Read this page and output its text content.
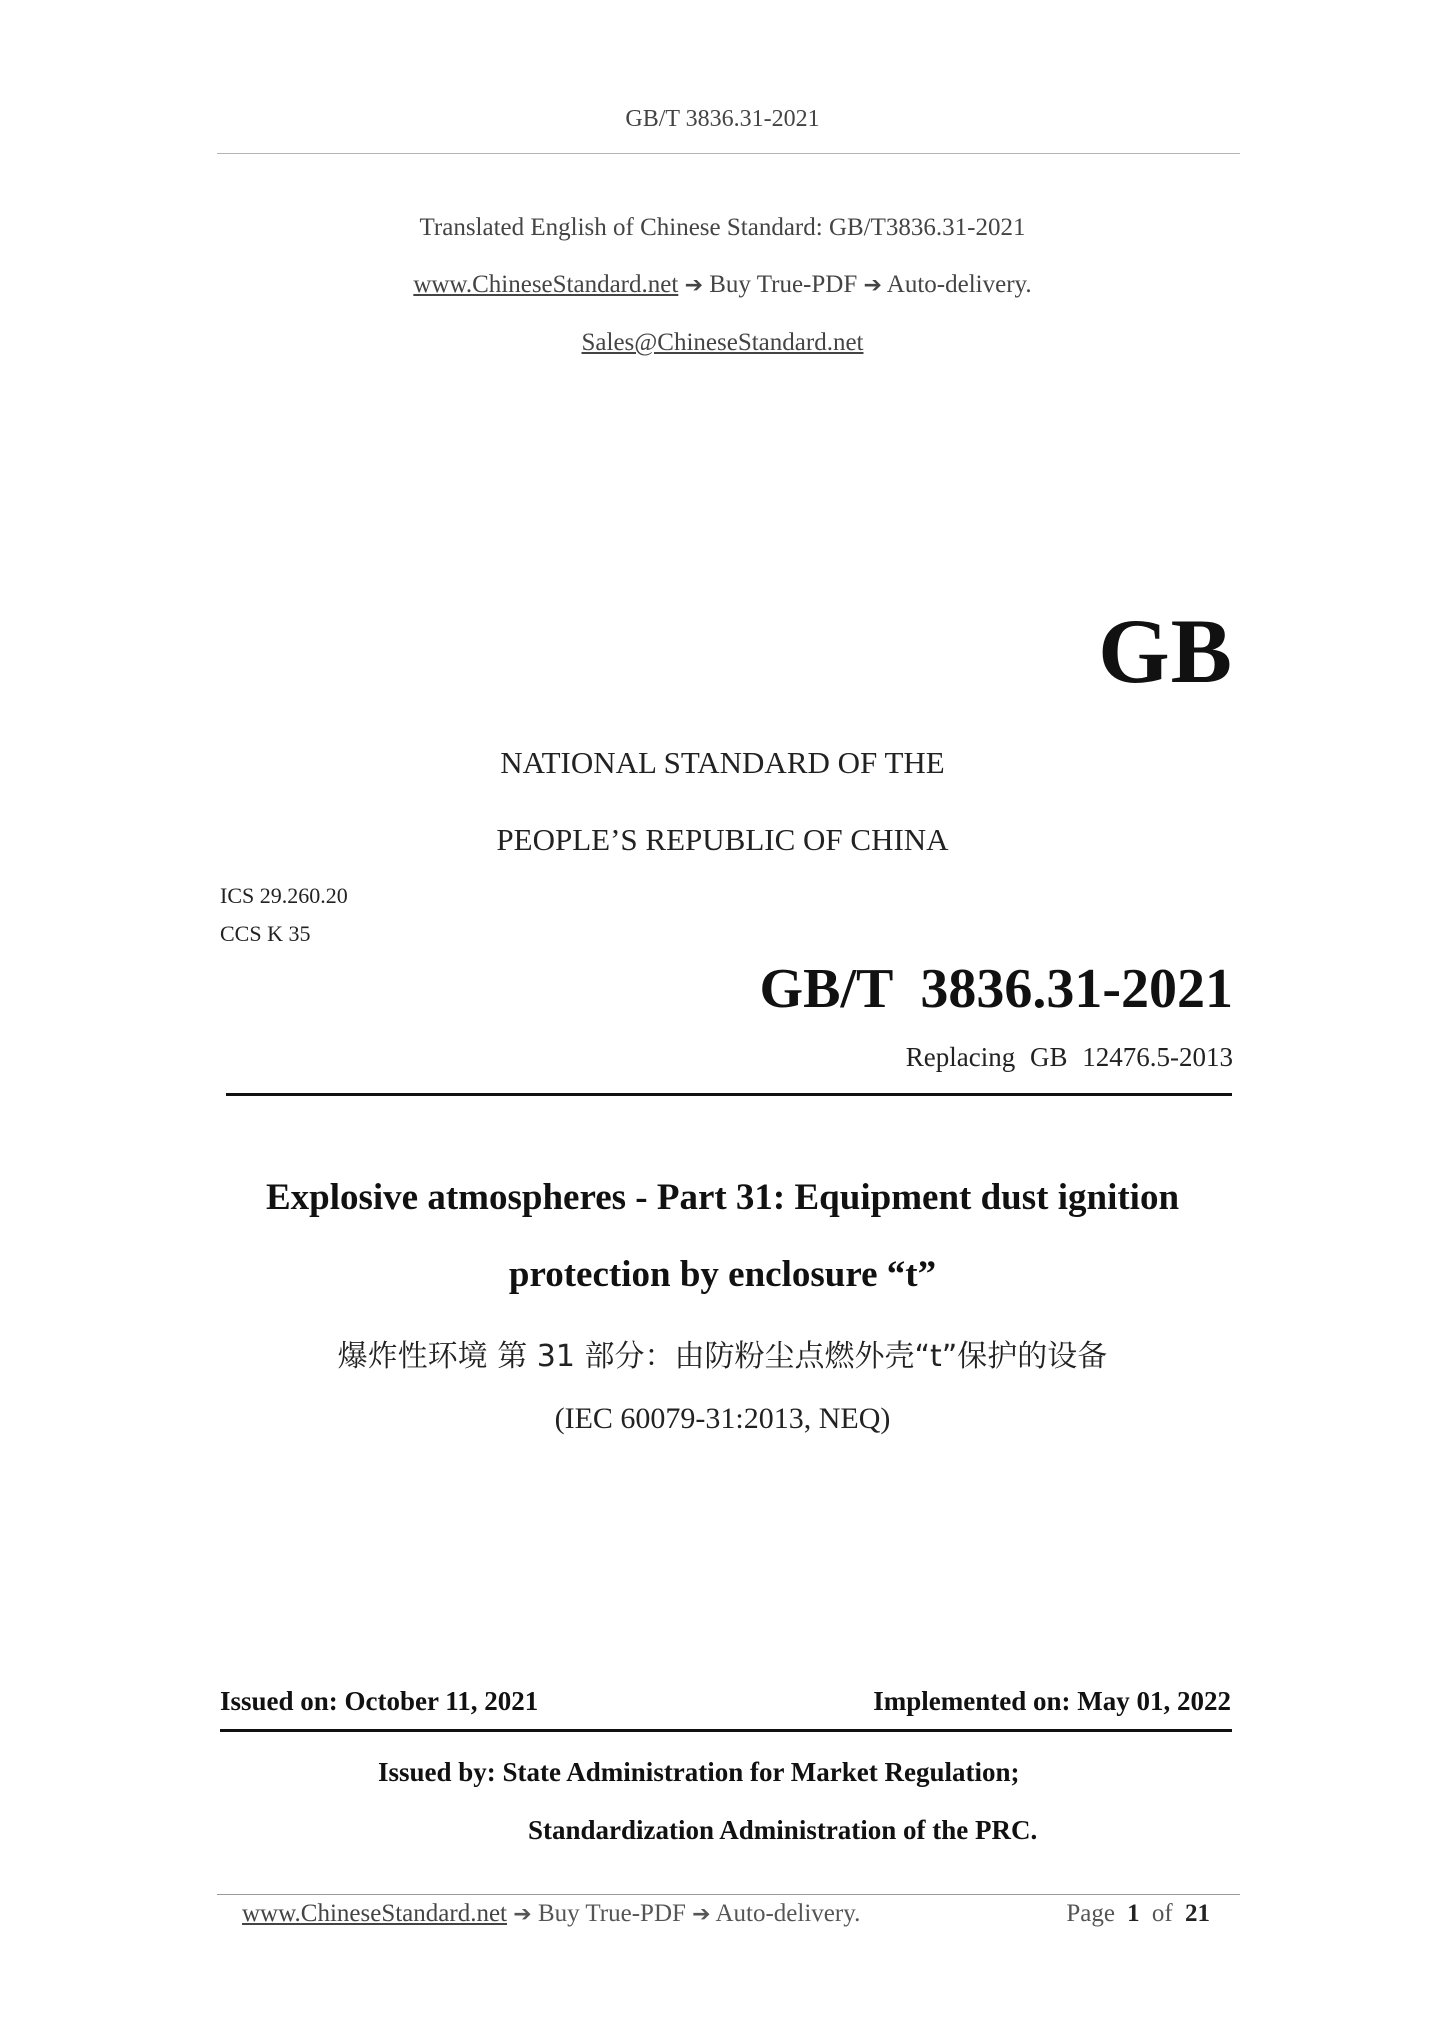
GB/T 3836.31-2021
Translated English of Chinese Standard: GB/T3836.31-2021
www.ChineseStandard.net ➔ Buy True-PDF ➔ Auto-delivery.
Sales@ChineseStandard.net
GB
NATIONAL STANDARD OF THE
PEOPLE’S REPUBLIC OF CHINA
ICS 29.260.20
CCS K 35
GB/T 3836.31-2021
Replacing GB 12476.5-2013
Explosive atmospheres - Part 31: Equipment dust ignition
protection by enclosure “t”
爆炸性环境 第 31 部分：由防粉尘点燃外壳“t”保护的设备
(IEC 60079-31:2013, NEQ)
Issued on: October 11, 2021	Implemented on: May 01, 2022
Issued by: State Administration for Market Regulation;
Standardization Administration of the PRC.
www.ChineseStandard.net ➔ Buy True-PDF ➔ Auto-delivery.	Page 1 of 21
